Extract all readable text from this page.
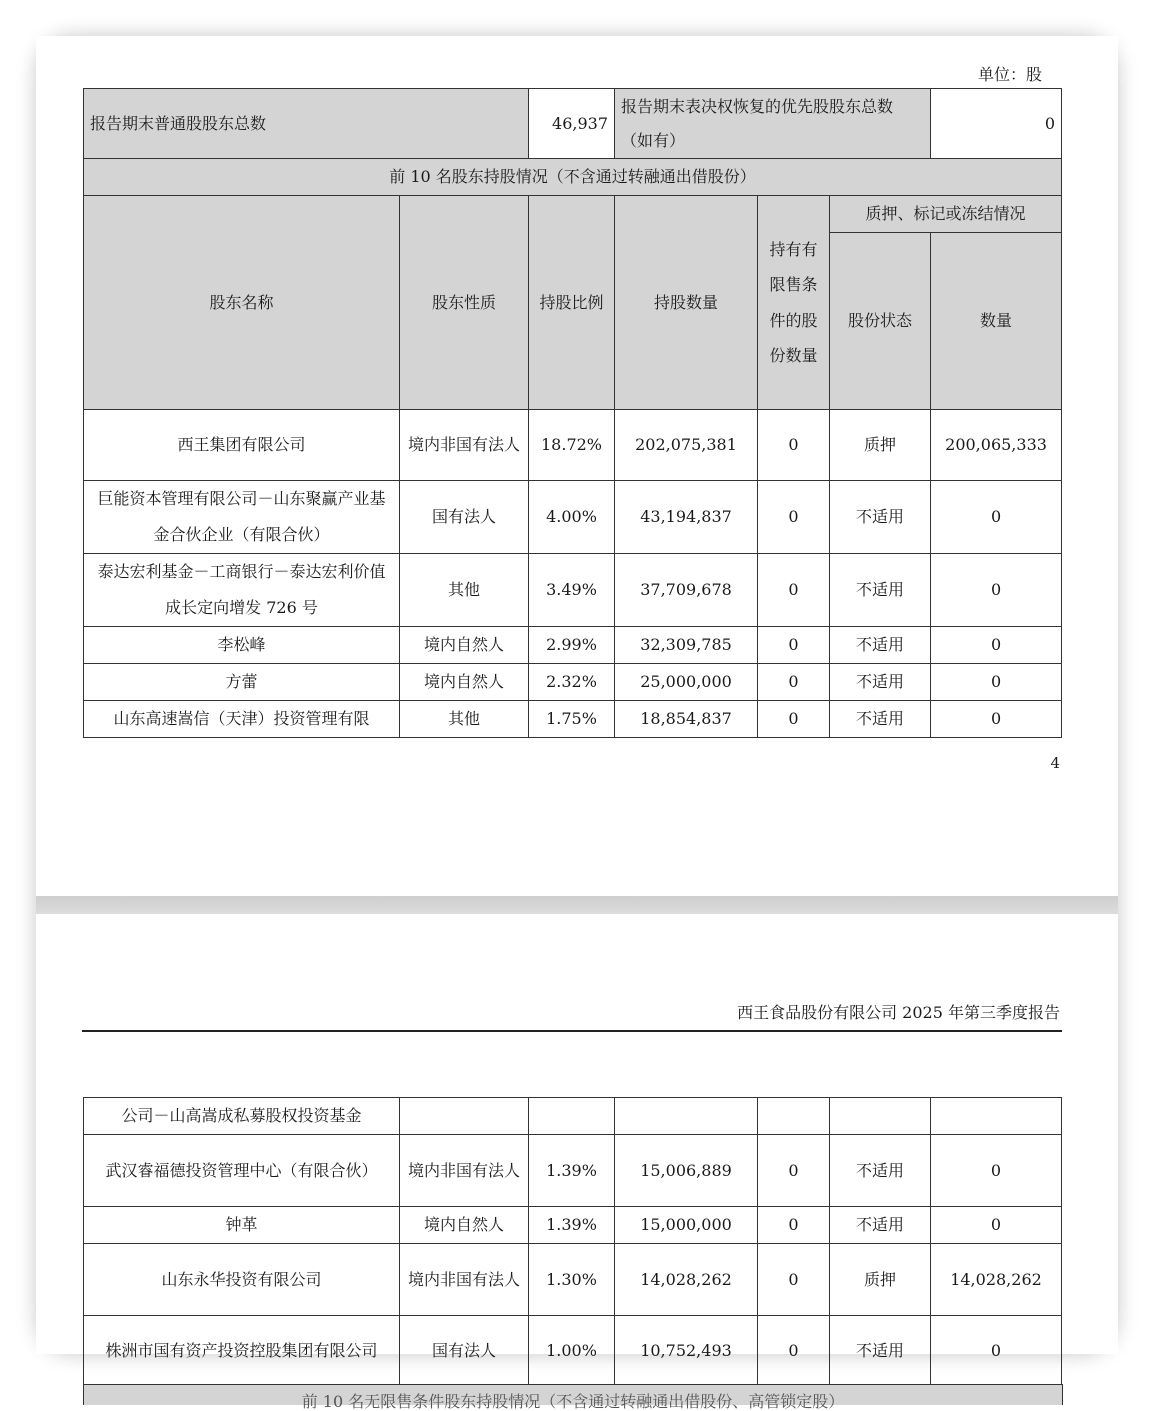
单位：股
报告期末普通股股东总数		46,937	报告期末表决权恢复的优先股股东总数（如有）			0
前 10 名股东持股情况（不含通过转融通出借股份）						
股东名称	股东性质	持股比例	持股数量	持有有限售条件的股份数量	质押、标记或冻结情况	
					股份状态	数量
西王集团有限公司	境内非国有法人	18.72%	202,075,381	0	质押	200,065,333
巨能资本管理有限公司－山东聚赢产业基金合伙企业（有限合伙）	国有法人	4.00%	43,194,837	0	不适用	0
泰达宏利基金－工商银行－泰达宏利价值成长定向增发 726 号	其他	3.49%	37,709,678	0	不适用	0
李松峰	境内自然人	2.99%	32,309,785	0	不适用	0
方蕾	境内自然人	2.32%	25,000,000	0	不适用	0
山东高速嵩信（天津）投资管理有限	其他	1.75%	18,854,837	0	不适用	0
4
西王食品股份有限公司 2025 年第三季度报告
公司－山高嵩成私募股权投资基金						
武汉睿福德投资管理中心（有限合伙）	境内非国有法人	1.39%	15,006,889	0	不适用	0
钟革	境内自然人	1.39%	15,000,000	0	不适用	0
山东永华投资有限公司	境内非国有法人	1.30%	14,028,262	0	质押	14,028,262
株洲市国有资产投资控股集团有限公司	国有法人	1.00%	10,752,493	0	不适用	0
前 10 名无限售条件股东持股情况（不含通过转融通出借股份、高管锁定股）
